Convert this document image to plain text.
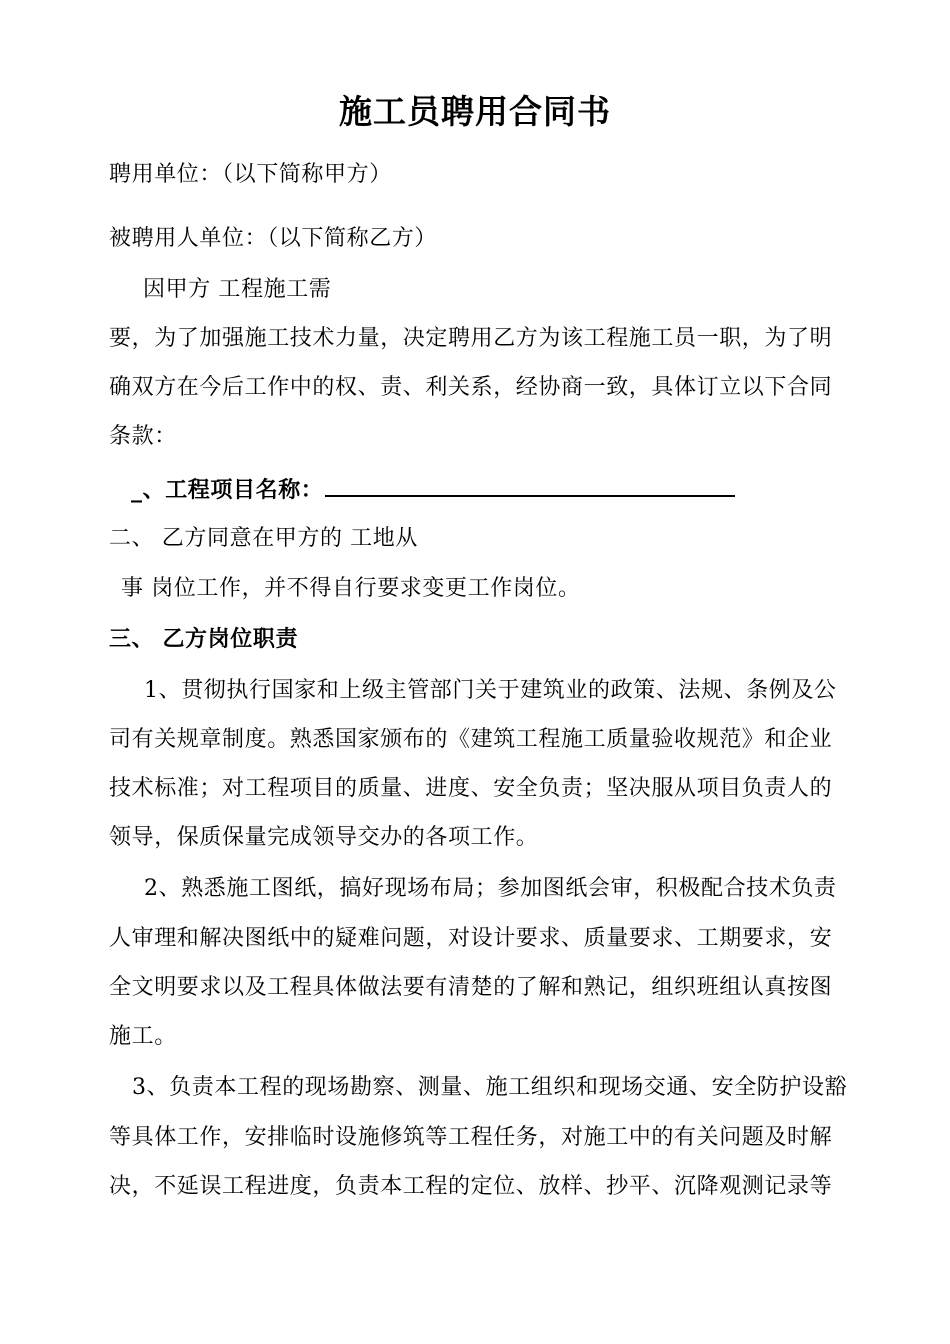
施工员聘用合同书
聘用单位：（以下简称甲方）
被聘用人单位：（以下简称乙方）
因甲方 工程施工需
要，为了加强施工技术力量，决定聘用乙方为该工程施工员一职，为了明
确双方在今后工作中的权、责、利关系，经协商一致，具体订立以下合同
条款：
_、工程项目名称：
二、 乙方同意在甲方的 工地从
事 岗位工作，并不得自行要求变更工作岗位。
三、 乙方岗位职责
1、贯彻执行国家和上级主管部门关于建筑业的政策、法规、条例及公
司有关规章制度。熟悉国家颁布的《建筑工程施工质量验收规范》和企业
技术标准；对工程项目的质量、进度、安全负责；坚决服从项目负责人的
领导，保质保量完成领导交办的各项工作。
2、熟悉施工图纸，搞好现场布局；参加图纸会审，积极配合技术负责
人审理和解决图纸中的疑难问题，对设计要求、质量要求、工期要求，安
全文明要求以及工程具体做法要有清楚的了解和熟记，组织班组认真按图
施工。
3、负责本工程的现场勘察、测量、施工组织和现场交通、安全防护设豁
等具体工作，安排临时设施修筑等工程任务，对施工中的有关问题及时解
决，不延误工程进度，负责本工程的定位、放样、抄平、沉降观测记录等
